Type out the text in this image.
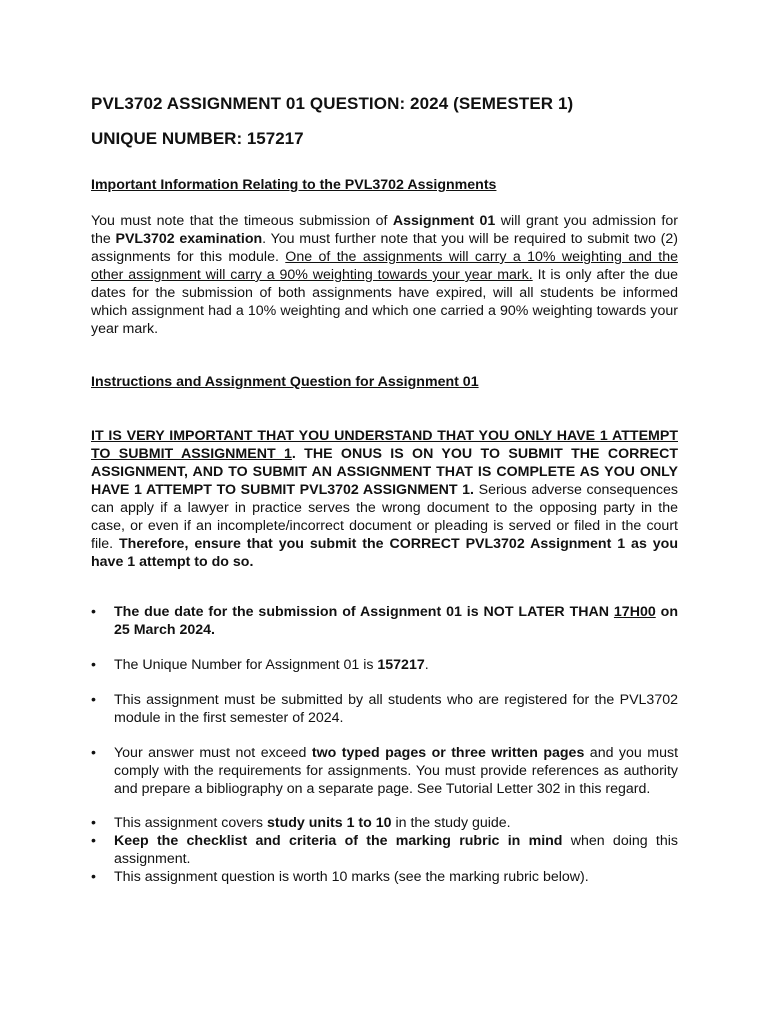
PVL3702 ASSIGNMENT 01 QUESTION: 2024 (SEMESTER 1)
UNIQUE NUMBER: 157217
Important Information Relating to the PVL3702 Assignments
You must note that the timeous submission of Assignment 01 will grant you admission for the PVL3702 examination. You must further note that you will be required to submit two (2) assignments for this module. One of the assignments will carry a 10% weighting and the other assignment will carry a 90% weighting towards your year mark. It is only after the due dates for the submission of both assignments have expired, will all students be informed which assignment had a 10% weighting and which one carried a 90% weighting towards your year mark.
Instructions and Assignment Question for Assignment 01
IT IS VERY IMPORTANT THAT YOU UNDERSTAND THAT YOU ONLY HAVE 1 ATTEMPT TO SUBMIT ASSIGNMENT 1. THE ONUS IS ON YOU TO SUBMIT THE CORRECT ASSIGNMENT, AND TO SUBMIT AN ASSIGNMENT THAT IS COMPLETE AS YOU ONLY HAVE 1 ATTEMPT TO SUBMIT PVL3702 ASSIGNMENT 1. Serious adverse consequences can apply if a lawyer in practice serves the wrong document to the opposing party in the case, or even if an incomplete/incorrect document or pleading is served or filed in the court file. Therefore, ensure that you submit the CORRECT PVL3702 Assignment 1 as you have 1 attempt to do so.
• The due date for the submission of Assignment 01 is NOT LATER THAN 17H00 on 25 March 2024.
• The Unique Number for Assignment 01 is 157217.
• This assignment must be submitted by all students who are registered for the PVL3702 module in the first semester of 2024.
• Your answer must not exceed two typed pages or three written pages and you must comply with the requirements for assignments. You must provide references as authority and prepare a bibliography on a separate page. See Tutorial Letter 302 in this regard.
• This assignment covers study units 1 to 10 in the study guide.
• Keep the checklist and criteria of the marking rubric in mind when doing this assignment.
• This assignment question is worth 10 marks (see the marking rubric below).
